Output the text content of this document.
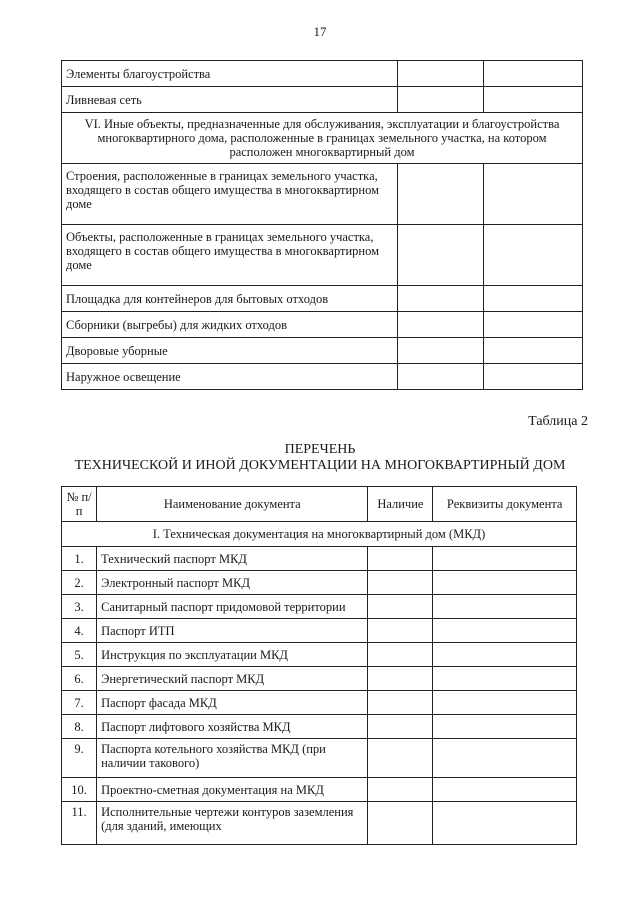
17
Элементы благоустройства		
Ливневая сеть		
VI. Иные объекты, предназначенные для обслуживания, эксплуатации и благоустройства многоквартирного дома, расположенные в границах земельного участка, на котором расположен многоквартирный дом		
Строения, расположенные в границах земельного участка, входящего в состав общего имущества в многоквартирном доме		
Объекты, расположенные в границах земельного участка, входящего в состав общего имущества в многоквартирном доме		
Площадка для контейнеров для бытовых отходов		
Сборники (выгребы) для жидких отходов		
Дворовые уборные		
Наружное освещение		
Таблица 2
ПЕРЕЧЕНЬ
ТЕХНИЧЕСКОЙ И ИНОЙ ДОКУМЕНТАЦИИ НА МНОГОКВАРТИРНЫЙ ДОМ
№ п/п	Наименование документа	Наличие	Реквизиты документа
I. Техническая документация на многоквартирный дом (МКД)			
1.	Технический паспорт МКД		
2.	Электронный паспорт МКД		
3.	Санитарный паспорт придомовой территории		
4.	Паспорт ИТП		
5.	Инструкция по эксплуатации МКД		
6.	Энергетический паспорт МКД		
7.	Паспорт фасада МКД		
8.	Паспорт лифтового хозяйства МКД		
9.	Паспорта котельного хозяйства МКД (при наличии такового)		
10.	Проектно-сметная документация на МКД		
11.	Исполнительные чертежи контуров заземления (для зданий, имеющих		
